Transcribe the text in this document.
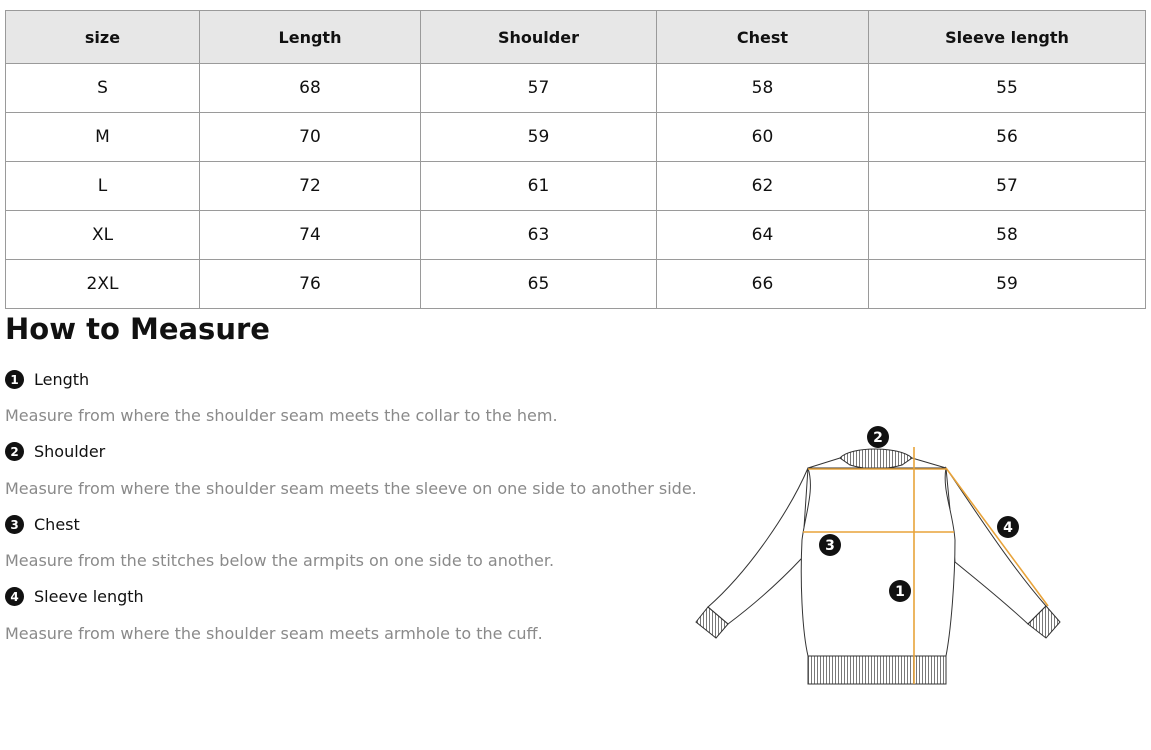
size	Length	Shoulder	Chest	Sleeve length
S	68	57	58	55
M	70	59	60	56
L	72	61	62	57
XL	74	63	64	58
2XL	76	65	66	59
How to Measure
1 Length

Measure from where the shoulder seam meets the collar to the hem.

2 Shoulder

Measure from where the shoulder seam meets the sleeve on one side to another side.

3 Chest

Measure from the stitches below the armpits on one side to another.

4 Sleeve length

Measure from where the shoulder seam meets armhole to the cuff.

1
2
3
4
